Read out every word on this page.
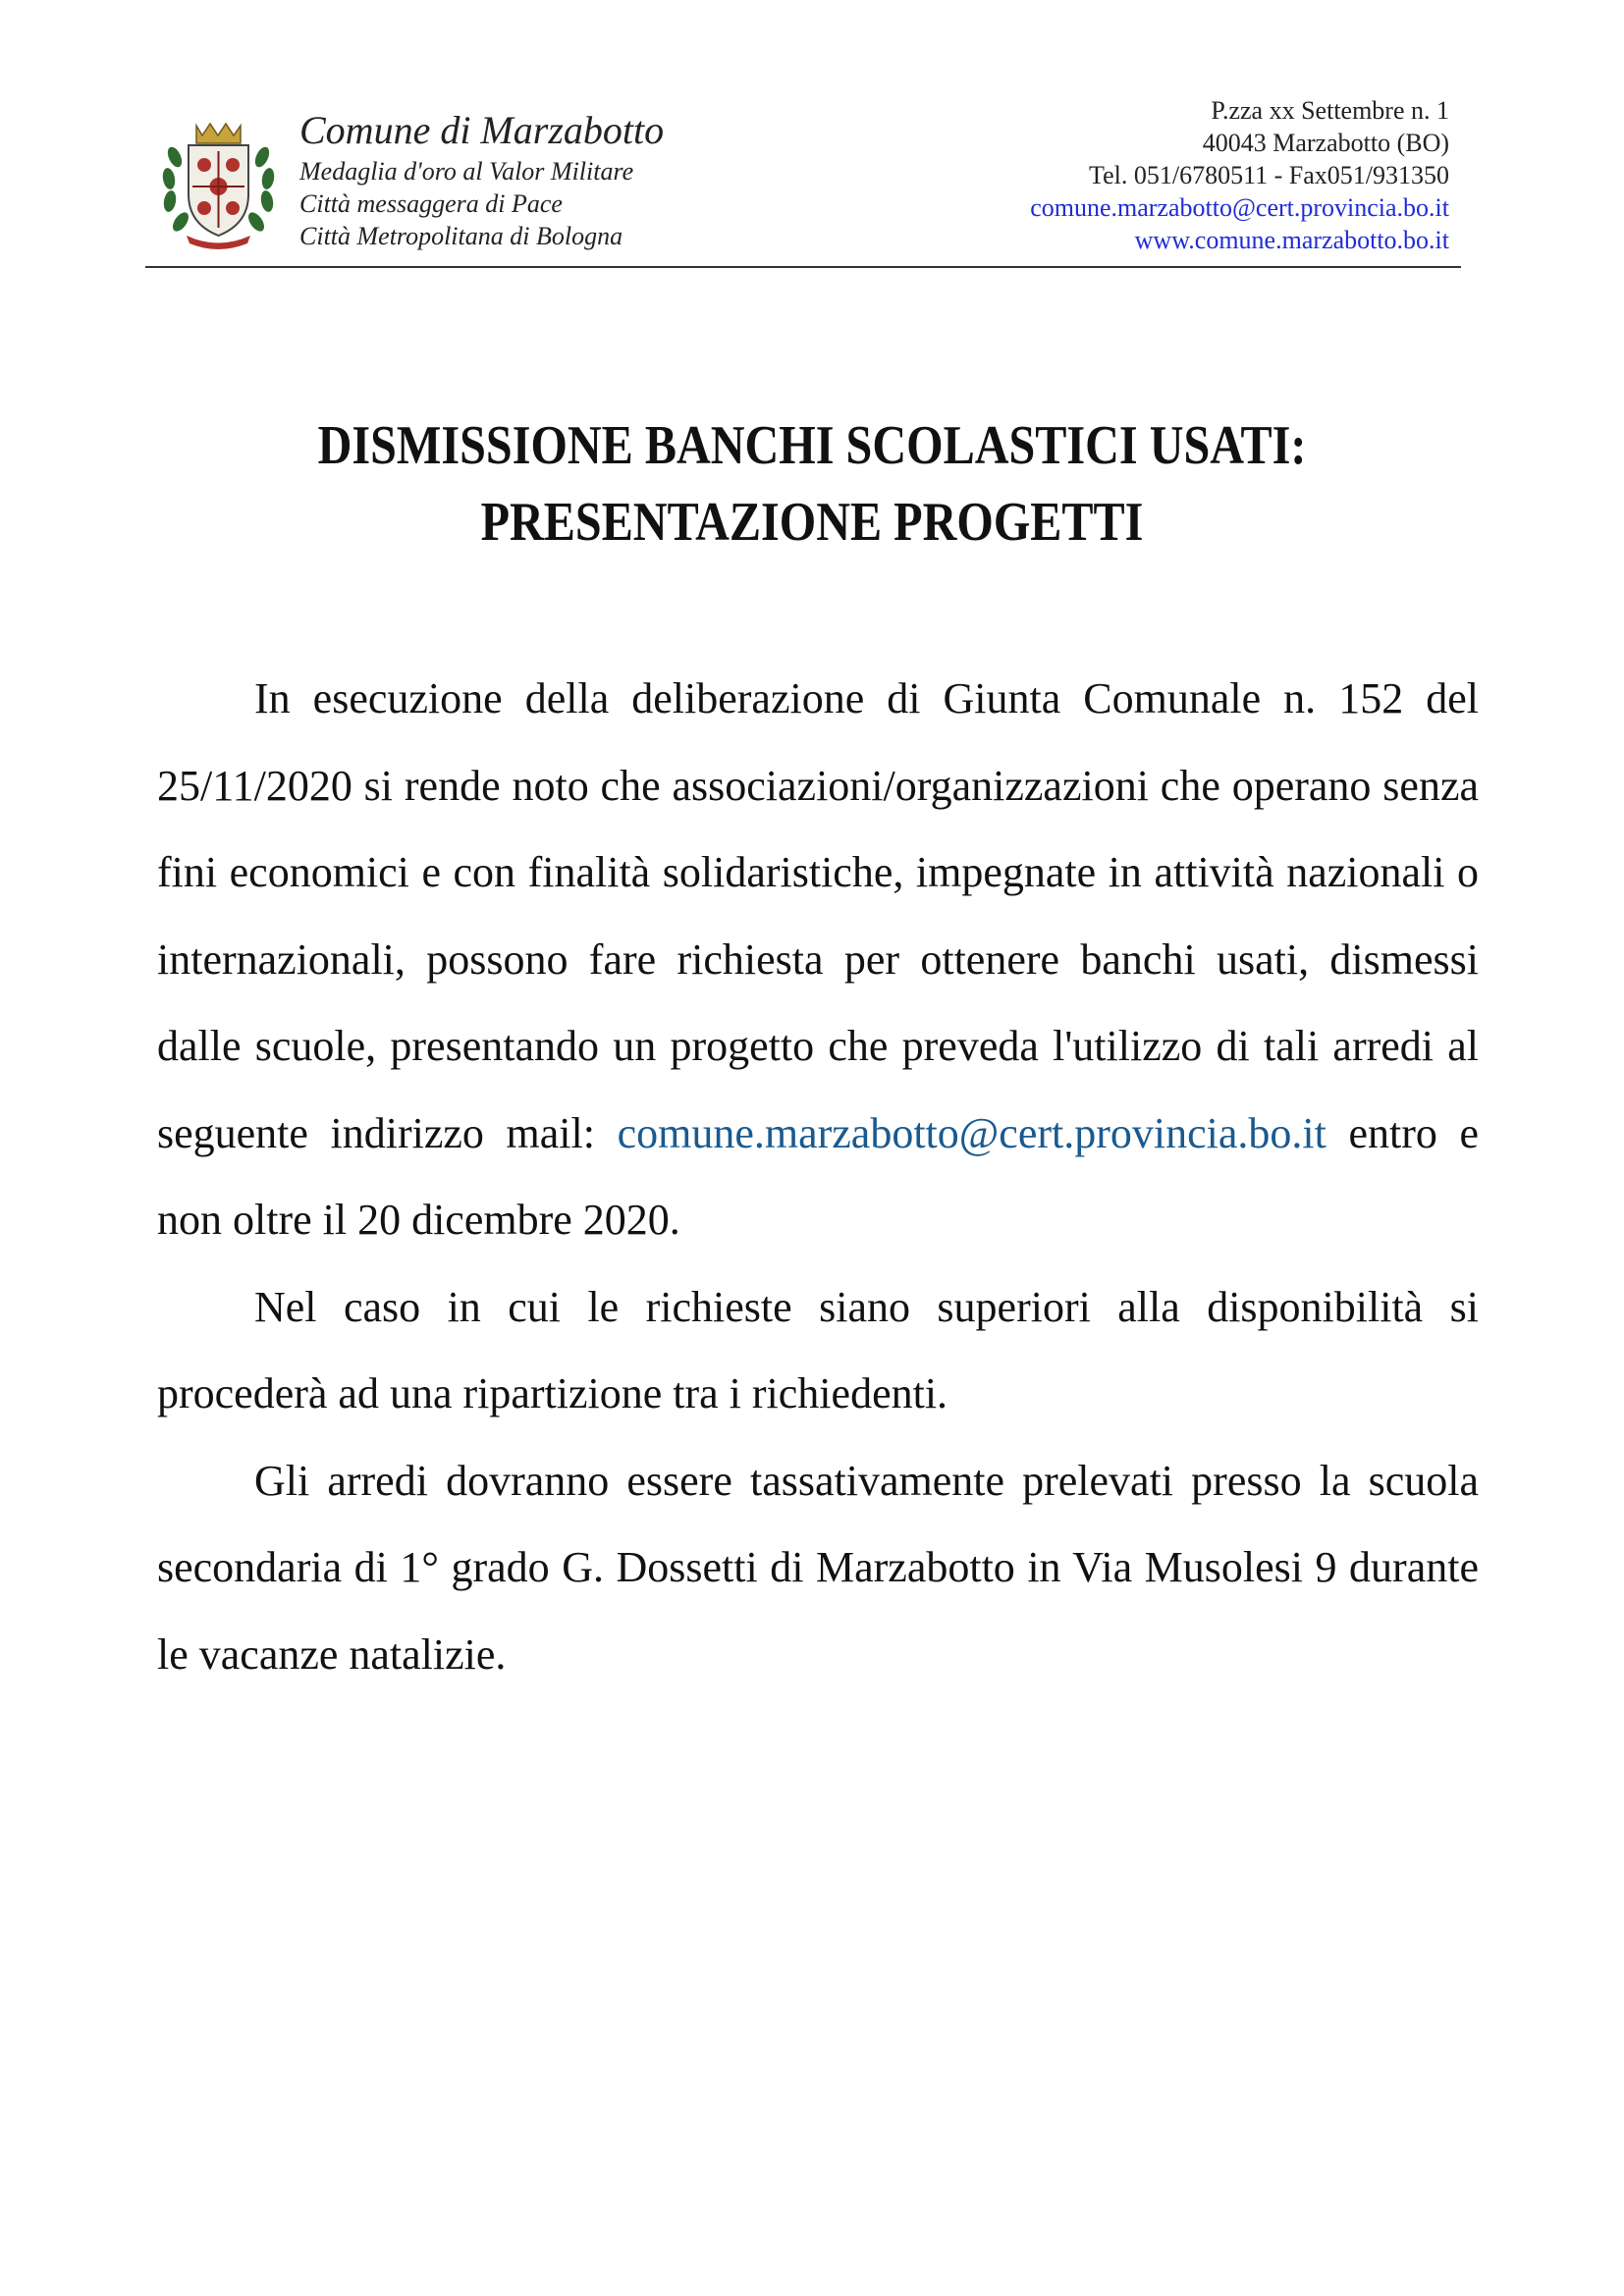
Comune di Marzabotto
Medaglia d'oro al Valor Militare
Città messaggera di Pace
Città Metropolitana di Bologna
P.zza xx Settembre n. 1
40043 Marzabotto (BO)
Tel. 051/6780511 - Fax051/931350
comune.marzabotto@cert.provincia.bo.it
www.comune.marzabotto.bo.it
DISMISSIONE BANCHI SCOLASTICI USATI:
PRESENTAZIONE PROGETTI

In esecuzione della deliberazione di Giunta Comunale n. 152 del 25/11/2020 si rende noto che associazioni/organizzazioni che operano senza fini economici e con finalità solidaristiche, impegnate in attività nazionali o internazionali, possono fare richiesta per ottenere banchi usati, dismessi dalle scuole, presentando un progetto che preveda l'utilizzo di tali arredi al seguente indirizzo mail: comune.marzabotto@cert.provincia.bo.it entro e non oltre il 20 dicembre 2020.

Nel caso in cui le richieste siano superiori alla disponibilità si procederà ad una ripartizione tra i richiedenti.

Gli arredi dovranno essere tassativamente prelevati presso la scuola secondaria di 1° grado G. Dossetti di Marzabotto in Via Musolesi 9 durante le vacanze natalizie.
